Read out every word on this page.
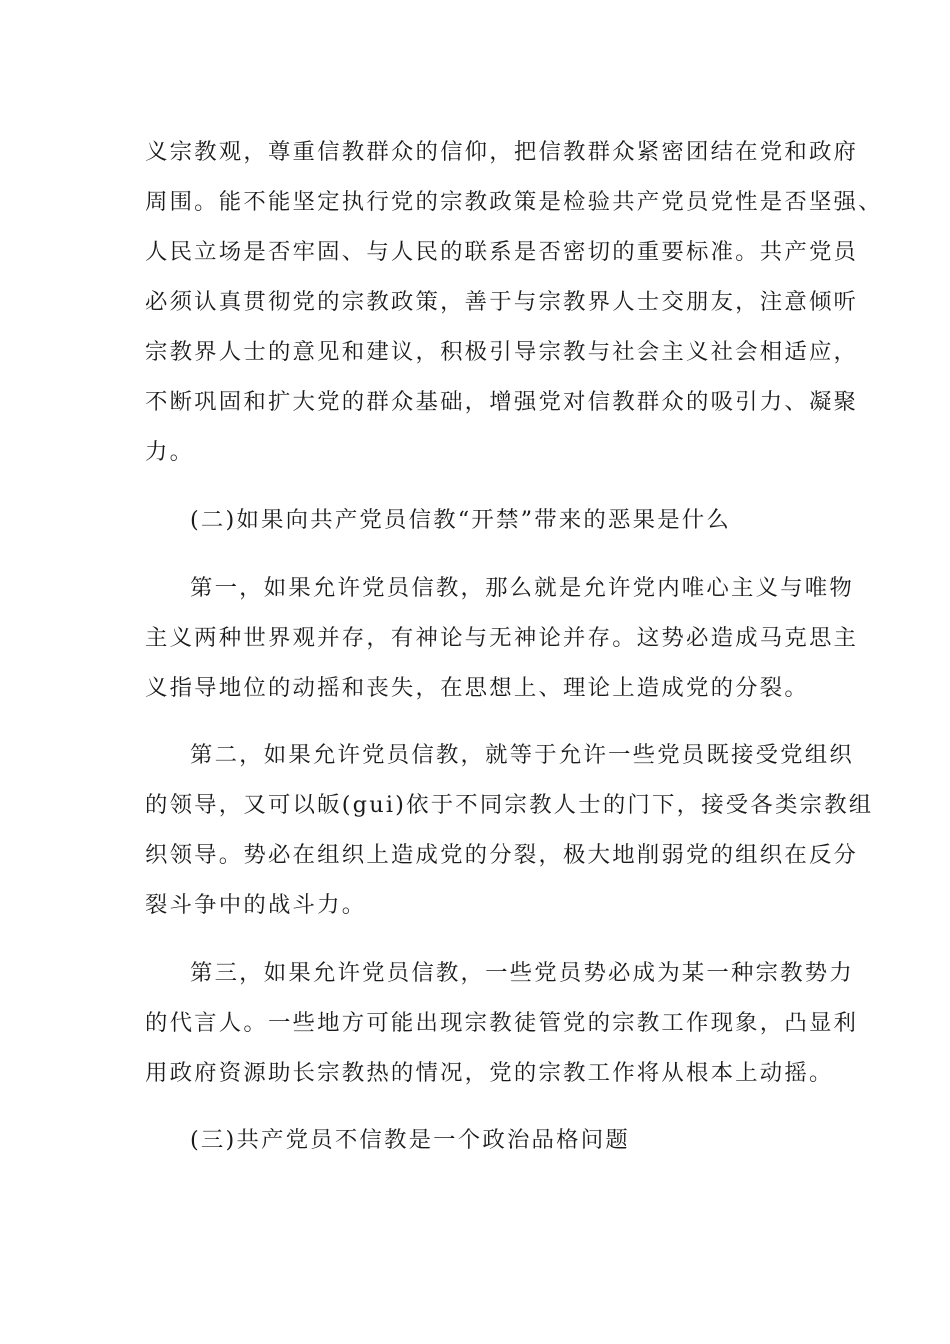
义宗教观，尊重信教群众的信仰，把信教群众紧密团结在党和政府
周围。能不能坚定执行党的宗教政策是检验共产党员党性是否坚强、
人民立场是否牢固、与人民的联系是否密切的重要标准。共产党员
必须认真贯彻党的宗教政策，善于与宗教界人士交朋友，注意倾听
宗教界人士的意见和建议，积极引导宗教与社会主义社会相适应，
不断巩固和扩大党的群众基础，增强党对信教群众的吸引力、凝聚
力。
(二)如果向共产党员信教“开禁”带来的恶果是什么
第一，如果允许党员信教，那么就是允许党内唯心主义与唯物
主义两种世界观并存，有神论与无神论并存。这势必造成马克思主
义指导地位的动摇和丧失，在思想上、理论上造成党的分裂。
第二，如果允许党员信教，就等于允许一些党员既接受党组织
的领导，又可以皈(gui)依于不同宗教人士的门下，接受各类宗教组
织领导。势必在组织上造成党的分裂，极大地削弱党的组织在反分
裂斗争中的战斗力。
第三，如果允许党员信教，一些党员势必成为某一种宗教势力
的代言人。一些地方可能出现宗教徒管党的宗教工作现象，凸显利
用政府资源助长宗教热的情况，党的宗教工作将从根本上动摇。
(三)共产党员不信教是一个政治品格问题
